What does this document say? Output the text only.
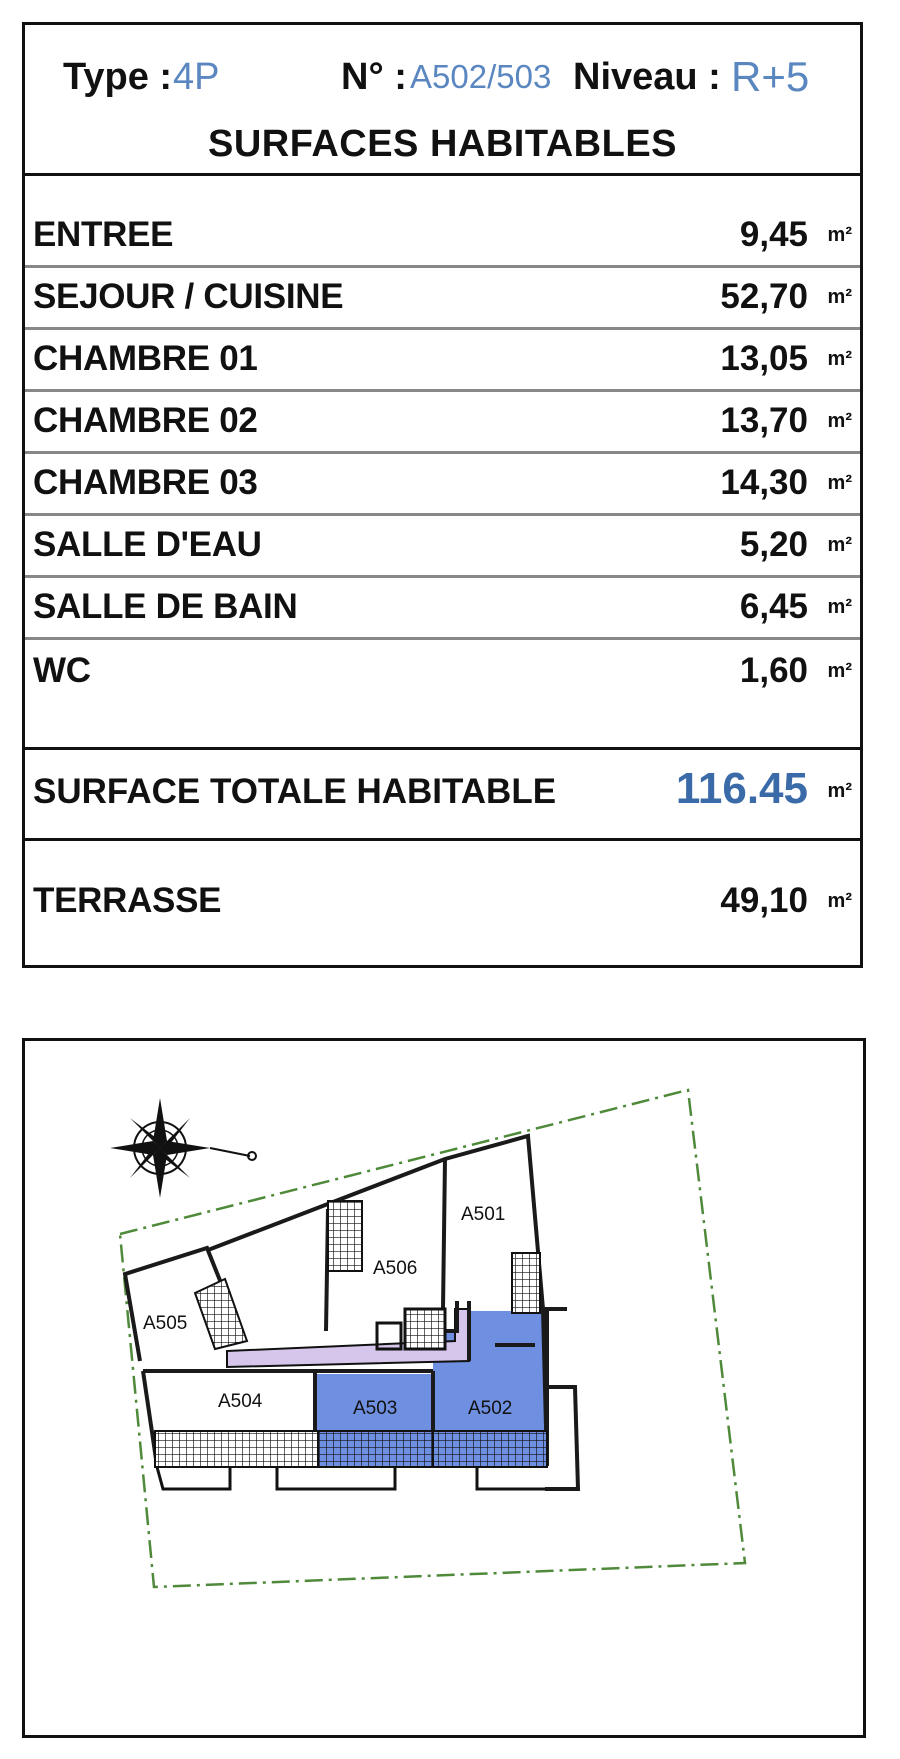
Type : 4P	N° : A502/503 Niveau : R+5
SURFACES HABITABLES
ENTREE	9,45 m²
SEJOUR / CUISINE	52,70 m²
CHAMBRE 01	13,05 m²
CHAMBRE 02	13,70 m²
CHAMBRE 03	14,30 m²
SALLE D'EAU	5,20 m²
SALLE DE BAIN	6,45 m²
WC	1,60 m²
SURFACE TOTALE HABITABLE	116.45 m²
TERRASSE	49,10 m²
A501
A502
A503
A504
A505
A506
